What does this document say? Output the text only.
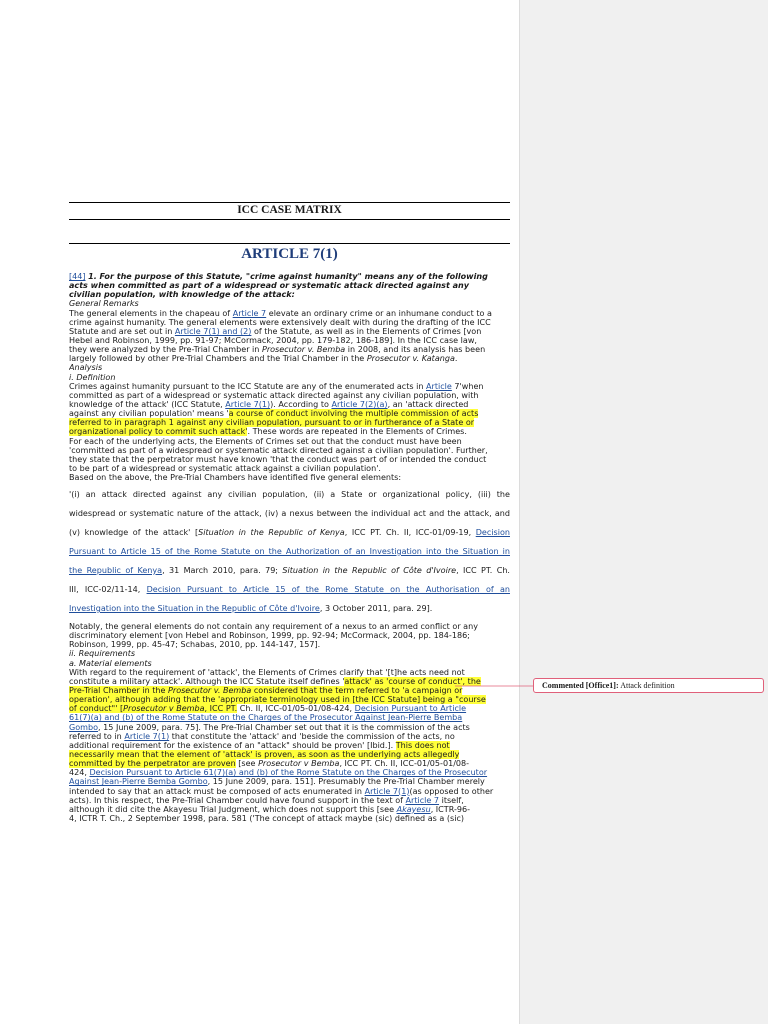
ICC CASE MATRIX
ARTICLE 7(1)
[44] 1. For the purpose of this Statute, "crime against humanity" means any of the following
acts when committed as part of a widespread or systematic attack directed against any
civilian population, with knowledge of the attack:
General Remarks
The general elements in the chapeau of Article 7 elevate an ordinary crime or an inhumane conduct to a
crime against humanity. The general elements were extensively dealt with during the drafting of the ICC
Statute and are set out in Article 7(1) and (2) of the Statute, as well as in the Elements of Crimes [von
Hebel and Robinson, 1999, pp. 91-97; McCormack, 2004, pp. 179-182, 186-189]. In the ICC case law,
they were analyzed by the Pre-Trial Chamber in Prosecutor v. Bemba in 2008, and its analysis has been
largely followed by other Pre-Trial Chambers and the Trial Chamber in the Prosecutor v. Katanga.
Analysis
i. Definition
Crimes against humanity pursuant to the ICC Statute are any of the enumerated acts in Article 7'when
committed as part of a widespread or systematic attack directed against any civilian population, with
knowledge of the attack' (ICC Statute, Article 7(1)). According to Article 7(2)(a), an 'attack directed
against any civilian population' means 'a course of conduct involving the multiple commission of acts
referred to in paragraph 1 against any civilian population, pursuant to or in furtherance of a State or
organizational policy to commit such attack'. These words are repeated in the Elements of Crimes.
For each of the underlying acts, the Elements of Crimes set out that the conduct must have been
'committed as part of a widespread or systematic attack directed against a civilian population'. Further,
they state that the perpetrator must have known 'that the conduct was part of or intended the conduct
to be part of a widespread or systematic attack against a civilian population'.
Based on the above, the Pre-Trial Chambers have identified five general elements:
'(i) an attack directed against any civilian population, (ii) a State or organizational policy, (iii) the
widespread or systematic nature of the attack, (iv) a nexus between the individual act and the attack, and
(v) knowledge of the attack' [Situation in the Republic of Kenya, ICC PT. Ch. II, ICC-01/09-19, Decision
Pursuant to Article 15 of the Rome Statute on the Authorization of an Investigation into the Situation in
the Republic of Kenya, 31 March 2010, para. 79; Situation in the Republic of Côte d'Ivoire, ICC PT. Ch.
III, ICC-02/11-14, Decision Pursuant to Article 15 of the Rome Statute on the Authorisation of an
Investigation into the Situation in the Republic of Côte d'Ivoire, 3 October 2011, para. 29].
Notably, the general elements do not contain any requirement of a nexus to an armed conflict or any
discriminatory element [von Hebel and Robinson, 1999, pp. 92-94; McCormack, 2004, pp. 184-186;
Robinson, 1999, pp. 45-47; Schabas, 2010, pp. 144-147, 157].
ii. Requirements
a. Material elements
With regard to the requirement of 'attack', the Elements of Crimes clarify that '[t]he acts need not
constitute a military attack'. Although the ICC Statute itself defines 'attack' as 'course of conduct', the
Pre-Trial Chamber in the Prosecutor v. Bemba considered that the term referred to 'a campaign or
operation', although adding that the 'appropriate terminology used in [the ICC Statute] being a "course
of conduct"' [Prosecutor v Bemba, ICC PT. Ch. II, ICC-01/05-01/08-424, Decision Pursuant to Article
61(7)(a) and (b) of the Rome Statute on the Charges of the Prosecutor Against Jean-Pierre Bemba
Gombo, 15 June 2009, para. 75]. The Pre-Trial Chamber set out that it is the commission of the acts
referred to in Article 7(1) that constitute the 'attack' and 'beside the commission of the acts, no
additional requirement for the existence of an "attack" should be proven' [Ibid.]. This does not
necessarily mean that the element of 'attack' is proven, as soon as the underlying acts allegedly
committed by the perpetrator are proven [see Prosecutor v Bemba, ICC PT. Ch. II, ICC-01/05-01/08-
424, Decision Pursuant to Article 61(7)(a) and (b) of the Rome Statute on the Charges of the Prosecutor
Against Jean-Pierre Bemba Gombo, 15 June 2009, para. 151]. Presumably the Pre-Trial Chamber merely
intended to say that an attack must be composed of acts enumerated in Article 7(1)(as opposed to other
acts). In this respect, the Pre-Trial Chamber could have found support in the text of Article 7 itself,
although it did cite the Akayesu Trial Judgment, which does not support this [see Akayesu, ICTR-96-
4, ICTR T. Ch., 2 September 1998, para. 581 ('The concept of attack maybe (sic) defined as a (sic)
Commented [Office1]: Attack definition
